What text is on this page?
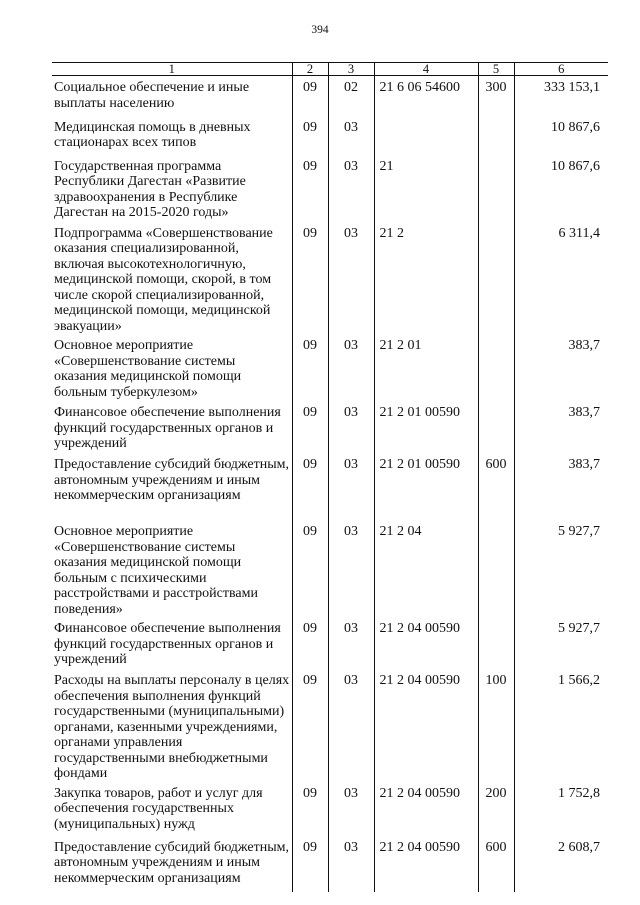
394
1	2	3	4	5	6
Социальное обеспечение и иные выплаты населению	09	02	21 6 06 54600	300	333 153,1
Медицинская помощь в дневных стационарах всех типов	09	03			10 867,6
Государственная программа Республики Дагестан «Развитие здравоохранения в Республике Дагестан на 2015-2020 годы»	09	03	21		10 867,6
Подпрограмма «Совершенствование оказания специализированной, включая высокотехнологичную, медицинской помощи, скорой, в том числе скорой специализированной, медицинской помощи, медицинской эвакуации»	09	03	21 2		6 311,4
Основное мероприятие «Совершенствование системы оказания медицинской помощи больным туберкулезом»	09	03	21 2 01		383,7
Финансовое обеспечение выполнения функций государственных органов и учреждений	09	03	21 2 01 00590		383,7
Предоставление субсидий бюджетным, автономным учреждениям и иным некоммерческим организациям	09	03	21 2 01 00590	600	383,7
Основное мероприятие «Совершенствование системы оказания медицинской помощи больным с психическими расстройствами и расстройствами поведения»	09	03	21 2 04		5 927,7
Финансовое обеспечение выполнения функций государственных органов и учреждений	09	03	21 2 04 00590		5 927,7
Расходы на выплаты персоналу в целях обеспечения выполнения функций государственными (муниципальными) органами, казенными учреждениями, органами управления государственными внебюджетными фондами	09	03	21 2 04 00590	100	1 566,2
Закупка товаров, работ и услуг для обеспечения государственных (муниципальных) нужд	09	03	21 2 04 00590	200	1 752,8
Предоставление субсидий бюджетным, автономным учреждениям и иным некоммерческим организациям	09	03	21 2 04 00590	600	2 608,7
